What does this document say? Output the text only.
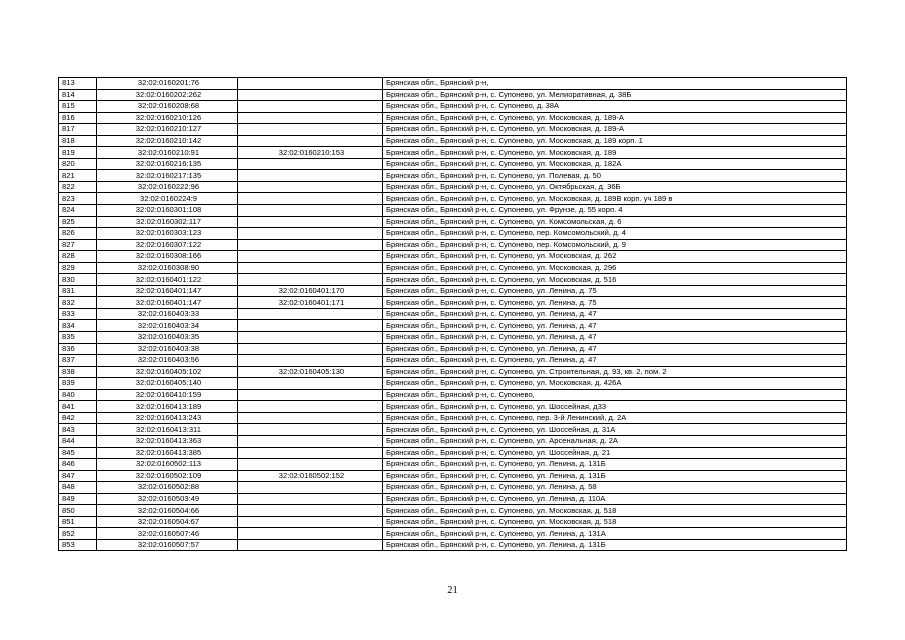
813	32:02:0160201:76		Брянская обл., Брянский р-н,
814	32:02:0160202:262		Брянская обл., Брянский р-н, с. Супонево, ул. Мелиоративная, д. 38Б
815	32:02:0160208:68		Брянская обл., Брянский р-н, с. Супонево, д. 38А
816	32:02:0160210:126		Брянская обл., Брянский р-н, с. Супонево, ул. Московская, д. 189-А
817	32:02:0160210:127		Брянская обл., Брянский р-н, с. Супонево, ул. Московская, д. 189-А
818	32:02:0160210:142		Брянская обл., Брянский р-н, с. Супонево, ул. Московская, д. 189 корп. 1
819	32:02:0160210:91	32:02:0160210:153	Брянская обл., Брянский р-н, с. Супонево, ул. Московская, д. 189
820	32:02:0160216:135		Брянская обл., Брянский р-н, с. Супонево, ул. Московская, д. 182А
821	32:02:0160217:135		Брянская обл., Брянский р-н, с. Супонево, ул. Полевая, д. 50
822	32:02:0160222:96		Брянская обл., Брянский р-н, с. Супонево, ул. Октябрьская, д. 36Б
823	32:02:0160224:9		Брянская обл., Брянский р-н, с. Супонево, ул. Московская, д. 189В корп. уч 189 в
824	32:02:0160301:108		Брянская обл., Брянский р-н, с. Супонево, ул. Фрунзе, д. 55 корп. 4
825	32:02:0160302:117		Брянская обл., Брянский р-н, с. Супонево, ул. Комсомольская, д. 6
826	32:02:0160303:123		Брянская обл., Брянский р-н, с. Супонево, пер. Комсомольский, д. 4
827	32:02:0160307:122		Брянская обл., Брянский р-н, с. Супонево, пер. Комсомольский, д. 9
828	32:02:0160308:166		Брянская обл., Брянский р-н, с. Супонево, ул. Московская, д. 262
829	32:02:0160308:90		Брянская обл., Брянский р-н, с. Супонево, ул. Московская, д. 296
830	32:02:0160401:122		Брянская обл., Брянский р-н, с. Супонево, ул. Московская, д. 516
831	32:02:0160401:147	32:02:0160401:170	Брянская обл., Брянский р-н, с. Супонево, ул. Ленина, д. 75
832	32:02:0160401:147	32:02:0160401:171	Брянская обл., Брянский р-н, с. Супонево, ул. Ленина, д. 75
833	32:02:0160403:33		Брянская обл., Брянский р-н, с. Супонево, ул. Ленина, д. 47
834	32:02:0160403:34		Брянская обл., Брянский р-н, с. Супонево, ул. Ленина, д. 47
835	32:02:0160403:35		Брянская обл., Брянский р-н, с. Супонево, ул. Ленина, д. 47
836	32:02:0160403:38		Брянская обл., Брянский р-н, с. Супонево, ул. Ленина, д. 47
837	32:02:0160403:56		Брянская обл., Брянский р-н, с. Супонево, ул. Ленина, д. 47
838	32:02:0160405:102	32:02:0160405:130	Брянская обл., Брянский р-н, с. Супонево, ул. Строительная, д. 93, кв. 2, пом. 2
839	32:02:0160405:140		Брянская обл., Брянский р-н, с. Супонево, ул. Московская, д. 426А
840	32:02:0160410:159		Брянская обл., Брянский р-н, с. Супонево,
841	32:02:0160413:189		Брянская обл., Брянский р-н, с. Супонево, ул. Шоссейная, д33
842	32:02:0160413:243		Брянская обл., Брянский р-н, с. Супонево, пер. 3-й Ленинский, д. 2А
843	32:02:0160413:311		Брянская обл., Брянский р-н, с. Супонево, ул. Шоссейная, д. 31А
844	32:02:0160413:363		Брянская обл., Брянский р-н, с. Супонево, ул. Арсенальная, д. 2А
845	32:02:0160413:385		Брянская обл., Брянский р-н, с. Супонево, ул. Шоссейная, д. 21
846	32:02:0160502:113		Брянская обл., Брянский р-н, с. Супонево, ул. Ленина, д. 131Б
847	32:02:0160502:109	32:02:0160502:152	Брянская обл., Брянский р-н, с. Супонево, ул. Ленина, д. 131Б
848	32:02:0160502:88		Брянская обл., Брянский р-н, с. Супонево, ул. Ленина, д. 58
849	32:02:0160503:49		Брянская обл., Брянский р-н, с. Супонево, ул. Ленина, д. 110А
850	32:02:0160504:66		Брянская обл., Брянский р-н, с. Супонево, ул. Московская, д. 518
851	32:02:0160504:67		Брянская обл., Брянский р-н, с. Супонево, ул. Московская, д. 518
852	32:02:0160507:46		Брянская обл., Брянский р-н, с. Супонево, ул. Ленина, д. 131А
853	32:02:0160507:57		Брянская обл., Брянский р-н, с. Супонево, ул. Ленина, д. 131Б
21
